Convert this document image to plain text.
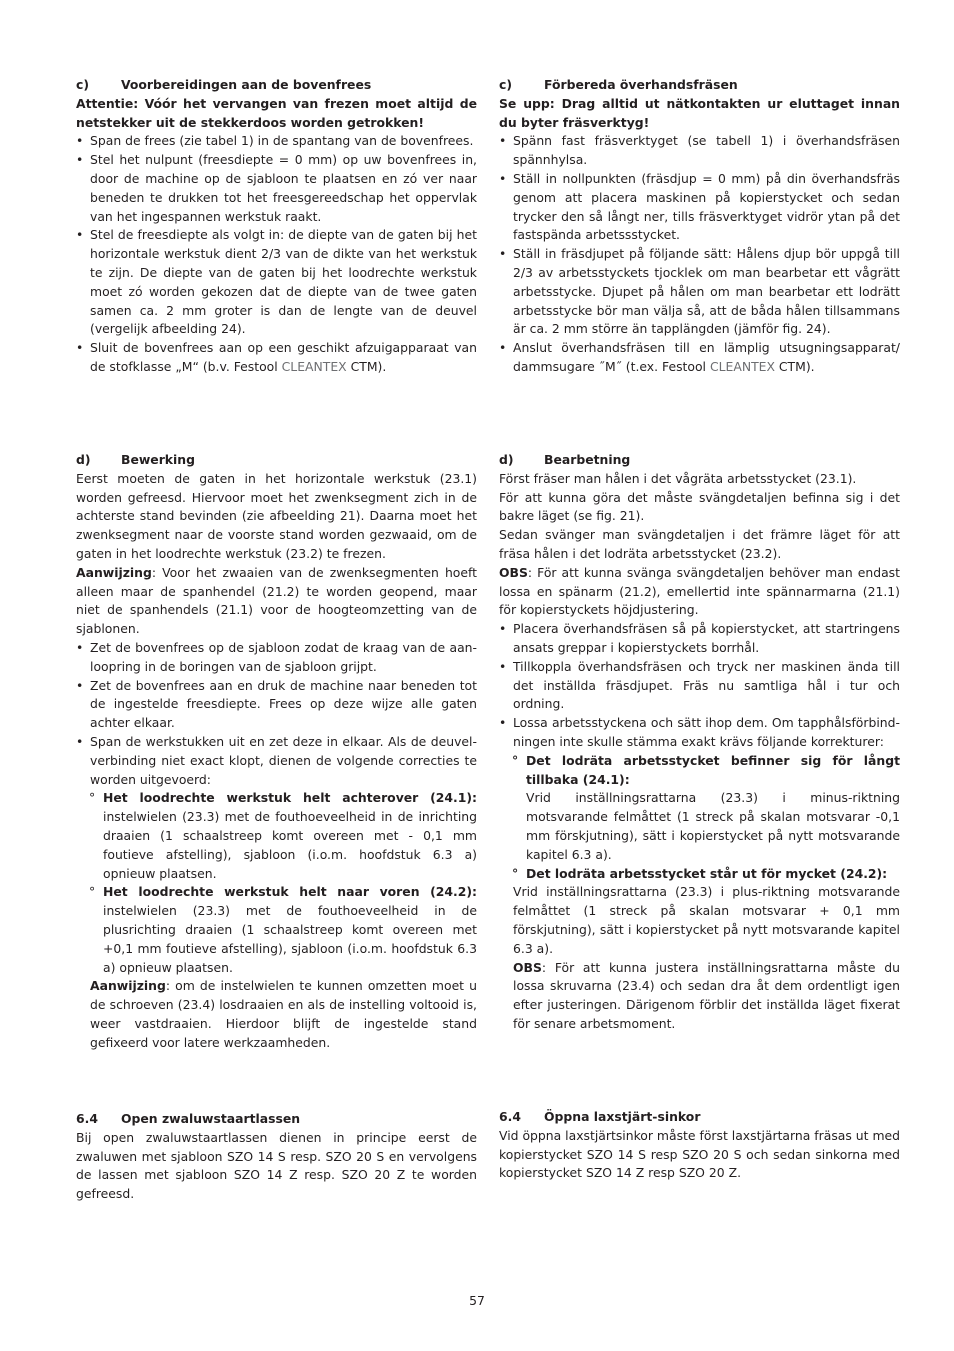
c)	Voorbereidingen aan de bovenfrees

Attentie: Vóór het vervangen van frezen moet altijd de netstekker uit de stekkerdoos worden getrokken!

• Span de frees (zie tabel 1) in de spantang van de bovenfrees.
• Stel het nulpunt (freesdiepte = 0 mm) op uw bovenfrees in, door de machine op de sjabloon te plaatsen en zó ver naar beneden te drukken tot het freesgereedschap het oppervlak van het ingespannen werkstuk raakt.
• Stel de freesdiepte als volgt in: de diepte van de gaten bij het horizontale werkstuk dient 2/3 van de dikte van het werkstuk te zijn. De diepte van de gaten bij het loodrechte werkstuk moet zó worden gekozen dat de diepte van de twee gaten samen ca. 2 mm groter is dan de lengte van de deuvel (vergelijk afbeelding 24).
• Sluit de bovenfrees aan op een geschikt afzuigapparaat van de stofklasse „M“ (b.v. Festool CLEANTEX CTM).
d)	Bewerking

Eerst moeten de gaten in het horizontale werkstuk (23.1) worden gefreesd. Hiervoor moet het zwenksegment zich in de achterste stand bevinden (zie afbeelding 21). Daarna moet het zwenksegment naar de voorste stand worden gezwaaid, om de gaten in het loodrechte werkstuk (23.2) te frezen.

Aanwijzing: Voor het zwaaien van de zwenksegmenten hoeft alleen maar de spanhendel (21.2) te worden geopend, maar niet de spanhendels (21.1) voor de hoogteomzetting van de sjablonen.

• Zet de bovenfrees op de sjabloon zodat de kraag van de aanloopring in de boringen van de sjabloon grijpt.
• Zet de bovenfrees aan en druk de machine naar beneden tot de ingestelde freesdiepte. Frees op deze wijze alle gaten achter elkaar.
• Span de werkstukken uit en zet deze in elkaar. Als de deuvelverbinding niet exact klopt, dienen de volgende correcties te worden uitgevoerd:
° Het loodrechte werkstuk helt achterover (24.1): instelwielen (23.3) met de fouthoeveelheid in de inrichting draaien (1 schaalstreep komt overeen met - 0,1 mm foutieve afstelling), sjabloon (i.o.m. hoofdstuk 6.3 a) opnieuw plaatsen.
° Het loodrechte werkstuk helt naar voren (24.2): instelwielen (23.3) met de fouthoeveelheid in de plusrichting draaien (1 schaalstreep komt overeen met +0,1 mm foutieve afstelling), sjabloon (i.o.m. hoofdstuk 6.3 a) opnieuw plaatsen.

Aanwijzing: om de instelwielen te kunnen omzetten moet u de schroeven (23.4) losdraaien en als de instelling voltooid is, weer vastdraaien. Hierdoor blijft de ingestelde stand gefixeerd voor latere werkzaamheden.

6.4	Open zwaluwstaartlassen

Bij open zwaluwstaartlassen dienen in principe eerst de zwaluwen met sjabloon SZO 14 S resp. SZO 20 S en vervolgens de lassen met sjabloon SZO 14 Z resp. SZO 20 Z te worden gefreesd.

c)	Förbereda överhandsfräsen

Se upp: Drag alltid ut nätkontakten ur eluttaget innan du byter fräsverktyg!

• Spänn fast fräsverktyget (se tabell 1) i överhandsfräsen spännhylsa.
• Ställ in nollpunkten (fräsdjup = 0 mm) på din överhandsfräs genom att placera maskinen på kopierstycket och sedan trycker den så långt ner, tills fräsverktyget vidrör ytan på det fastspända arbetssstycket.
• Ställ in fräsdjupet på följande sätt: Hålens djup bör uppgå till 2/3 av arbetsstyckets tjocklek om man bearbetar ett vågrätt arbetsstycke. Djupet på hålen om man bearbetar ett lodrätt arbetsstycke bör man välja så, att de båda hålen tillsammans är ca. 2 mm större än tapplängden (jämför fig. 24).
• Anslut överhandsfräsen till en lämplig utsugningsapparat/ dammsugare ˝M˝ (t.ex. Festool CLEANTEX CTM).
d)	Bearbetning

Först fräser man hålen i det vågräta arbetsstycket (23.1).

För att kunna göra det måste svängdetaljen befinna sig i det bakre läget (se fig. 21).

Sedan svänger man svängdetaljen i det främre läget för att fräsa hålen i det lodräta arbetsstycket (23.2).

OBS: För att kunna svänga svängdetaljen behöver man endast lossa en spänarm (21.2), emellertid inte spännarmarna (21.1) för kopierstyckets höjdjustering.

• Placera överhandsfräsen så på kopierstycket, att startringens ansats greppar i kopierstyckets borrhål.
• Tillkoppla överhandsfräsen och tryck ner maskinen ända till det inställda fräsdjupet. Fräs nu samtliga hål i tur och ordning.
• Lossa arbetsstyckena och sätt ihop dem. Om tapphålsförbindningen inte skulle stämma exakt krävs följande korrekturer:
° Det lodräta arbetsstycket befinner sig för långt tillbaka (24.1):

Vrid inställningsrattarna (23.3) i minus-riktning motsvarande felmåttet (1 streck på skalan motsvarar -0,1 mm förskjutning), sätt i kopierstycket på nytt motsvarande kapitel 6.3 a).

° Det lodräta arbetsstycket står ut för mycket (24.2):

Vrid inställningsrattarna (23.3) i plus-riktning motsvarande felmåttet (1 streck på skalan motsvarar + 0,1 mm förskjutning), sätt i kopierstycket på nytt motsvarande kapitel 6.3 a).

OBS: För att kunna justera inställningsrattarna måste du lossa skruvarna (23.4) och sedan dra åt dem ordentligt igen efter justeringen. Därigenom förblir det inställda läget fixerat för senare arbetsmoment.

6.4	Öppna laxstjärt-sinkor

Vid öppna laxstjärtsinkor måste först laxstjärtarna fräsas ut med kopierstycket SZO 14 S resp SZO 20 S och sedan sinkorna med kopierstycket SZO 14 Z resp SZO 20 Z.

57
